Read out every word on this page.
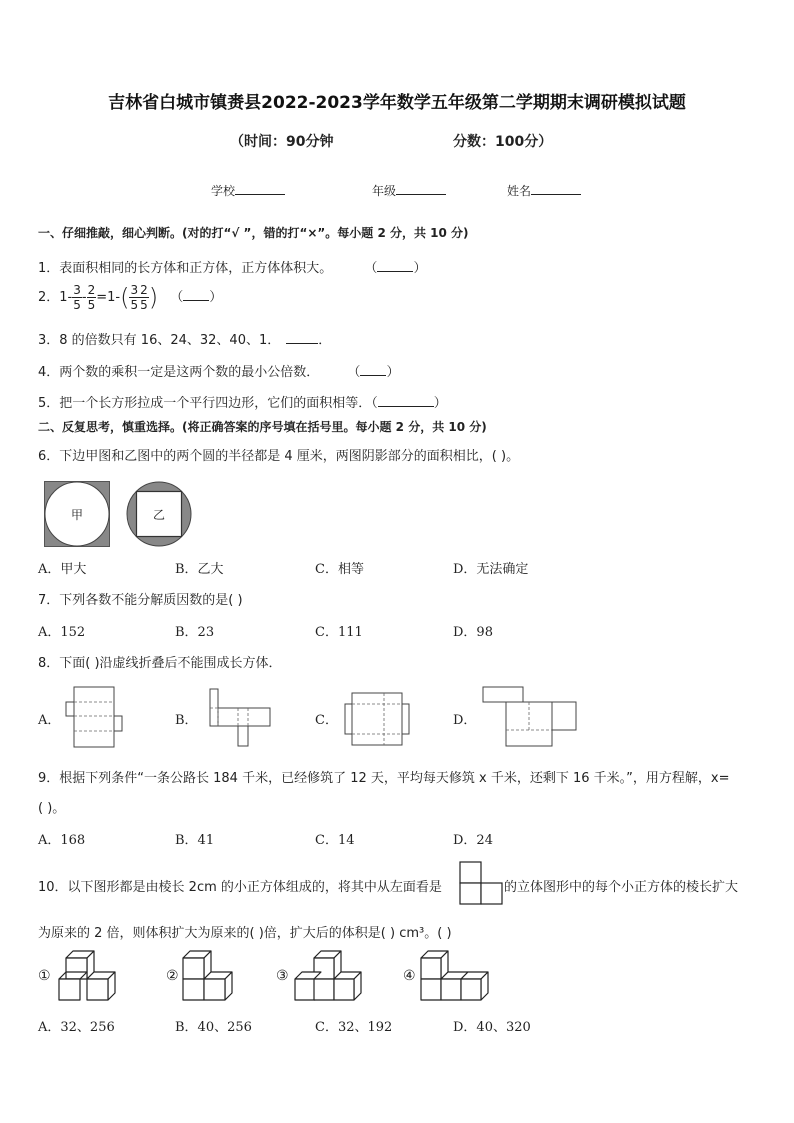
吉林省白城市镇赉县2022-2023学年数学五年级第二学期期末调研模拟试题
（时间：90分钟	分数：100分）
学校	年级	姓名
一、仔细推敲，细心判断。(对的打“√ ”，错的打“×”。每小题 2 分，共 10 分)
1．表面积相同的长方体和正方体，正方体体积大。 （	）
2．$1- \frac{3}{5} - \frac{2}{5} =1-( \frac{3}{5} \frac{2}{5}$ ) （ ）
3．8 的倍数只有 16、24、32、40、1．	．
4．两个数的乘积一定是这两个数的最小公倍数． （ ）
5．把一个长方形拉成一个平行四边形，它们的面积相等．（	）
二、反复思考，慎重选择。(将正确答案的序号填在括号里。每小题 2 分，共 10 分)
6．下边甲图和乙图中的两个圆的半径都是 4 厘米，两图阴影部分的面积相比，( )。
甲	乙
A．甲大	B．乙大	C．相等	D．无法确定
7．下列各数不能分解质因数的是( )
A．152	B．23	C．111	D．98
8．下面( )沿虚线折叠后不能围成长方体．
A．	B．	C．	D．
9．根据下列条件“一条公路长 184 千米，已经修筑了 12 天，平均每天修筑 x 千米，还剩下 16 千米。”，用方程解，x=
( )。
A．168	B．41	C．14	D．24
10．以下图形都是由棱长 2cm 的小正方体组成的，将其中从左面看是	的立体图形中的每个小正方体的棱长扩大
为原来的 2 倍，则体积扩大为原来的( )倍，扩大后的体积是( ) cm³。( )
①	②	③	④
A．32、256	B．40、256	C．32、192	D．40、320
